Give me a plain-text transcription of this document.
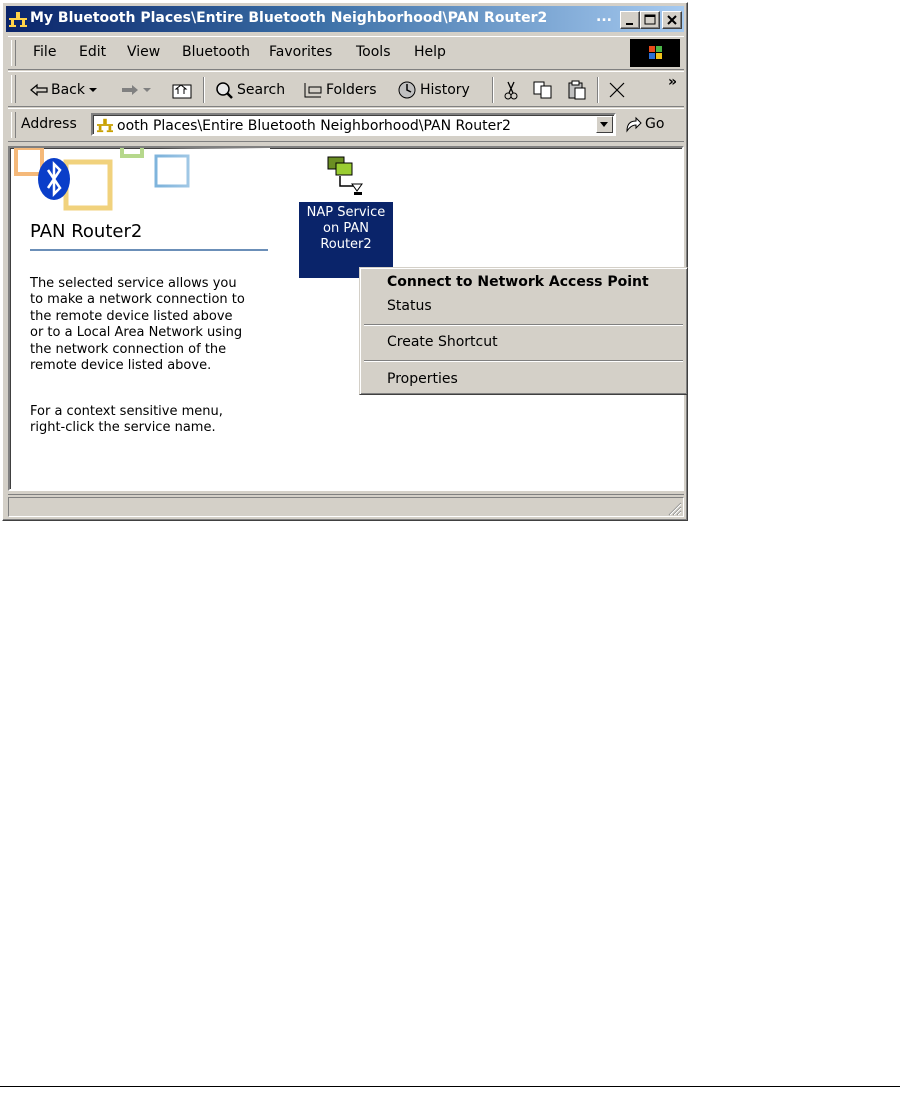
My Bluetooth Places\Entire Bluetooth Neighborhood\PAN Router2	...
File Edit View Bluetooth Favorites Tools Help
Back	Search	Folders	History	»
Address	ooth Places\Entire Bluetooth Neighborhood\PAN Router2	Go
PAN Router2
The selected service allows you
to make a network connection to
the remote device listed above
or to a Local Area Network using
the network connection of the
remote device listed above.
For a context sensitive menu,
right-click the service name.
NAP Service
on PAN
Router2
Connect to Network Access Point
Status
Create Shortcut
Properties
